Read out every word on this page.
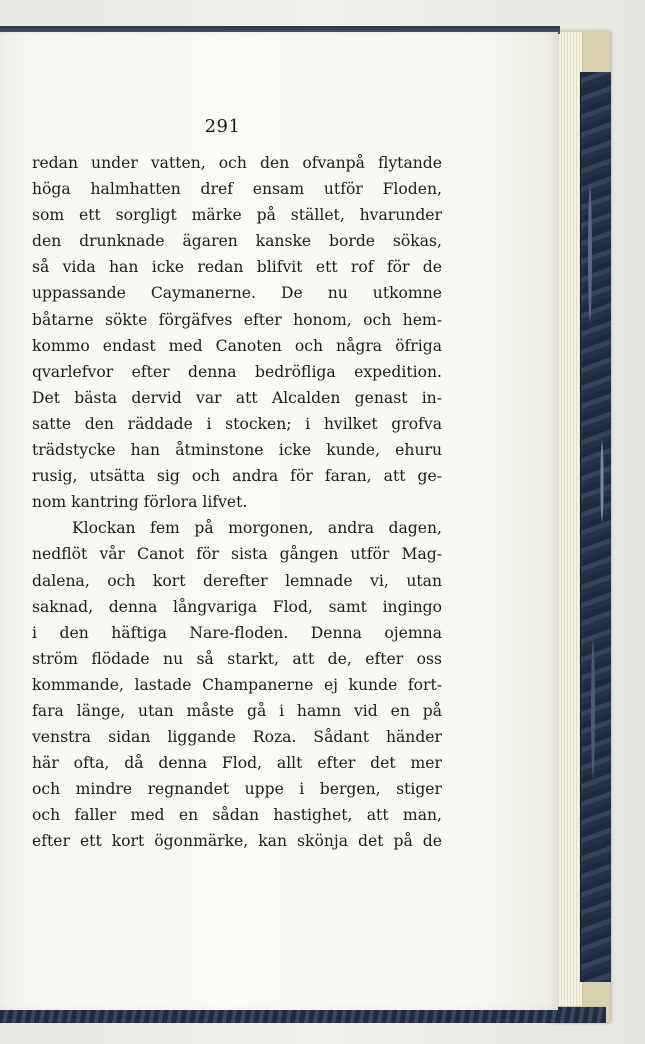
291
redan under vatten, och den ofvanpå flytande
höga halmhatten dref ensam utför Floden,
som ett sorgligt märke på stället, hvarunder
den drunknade ägaren kanske borde sökas,
så vida han icke redan blifvit ett rof för de
uppassande Caymanerne. De nu utkomne
båtarne sökte förgäfves efter honom, och hem-
kommo endast med Canoten och några öfriga
qvarlefvor efter denna bedröfliga expedition.
Det bästa dervid var att Alcalden genast in-
satte den räddade i stocken; i hvilket grofva
trädstycke han åtminstone icke kunde, ehuru
rusig, utsätta sig och andra för faran, att ge-
nom kantring förlora lifvet.
Klockan fem på morgonen, andra dagen,
nedflöt vår Canot för sista gången utför Mag-
dalena, och kort derefter lemnade vi, utan
saknad, denna långvariga Flod, samt ingingo
i den häftiga Nare-floden. Denna ojemna
ström flödade nu så starkt, att de, efter oss
kommande, lastade Champanerne ej kunde fort-
fara länge, utan måste gå i hamn vid en på
venstra sidan liggande Roza. Sådant händer
här ofta, då denna Flod, allt efter det mer
och mindre regnandet uppe i bergen, stiger
och faller med en sådan hastighet, att man,
efter ett kort ögonmärke, kan skönja det på de
